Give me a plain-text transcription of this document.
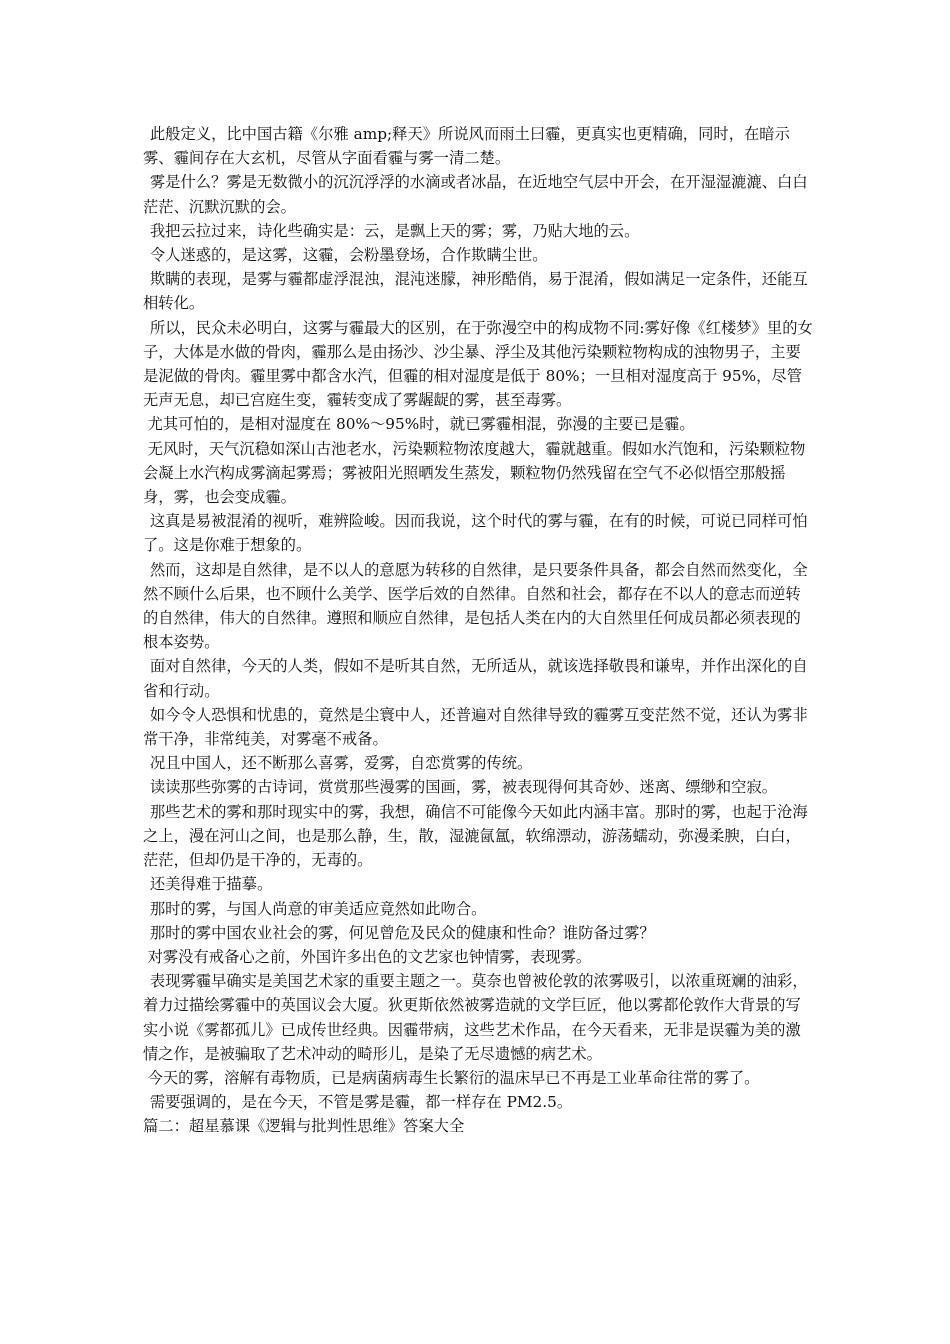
此般定义，比中国古籍《尔雅 amp;释天》所说风而雨土曰霾，更真实也更精确，同时，在暗示雾、霾间存在大玄机，尽管从字面看霾与雾一清二楚。

雾是什么？雾是无数微小的沉沉浮浮的水滴或者冰晶，在近地空气层中开会，在开湿湿漉漉、白白茫茫、沉默沉默的会。

我把云拉过来，诗化些确实是：云，是飘上天的雾；雾，乃贴大地的云。

令人迷惑的，是这雾，这霾，会粉墨登场，合作欺瞒尘世。

欺瞒的表现，是雾与霾都虚浮混浊，混沌迷朦，神形酷俏，易于混淆，假如满足一定条件，还能互相转化。

所以，民众未必明白，这雾与霾最大的区别，在于弥漫空中的构成物不同:雾好像《红楼梦》里的女子，大体是水做的骨肉，霾那么是由扬沙、沙尘暴、浮尘及其他污染颗粒物构成的浊物男子，主要是泥做的骨肉。霾里雾中都含水汽，但霾的相对湿度是低于 80%；一旦相对湿度高于 95%，尽管无声无息，却已宫庭生变，霾转变成了雾龌龊的雾，甚至毒雾。

尤其可怕的，是相对湿度在 80%～95%时，就已雾霾相混，弥漫的主要已是霾。

无风时，天气沉稳如深山古池老水，污染颗粒物浓度越大，霾就越重。假如水汽饱和，污染颗粒物会凝上水汽构成雾滴起雾焉；雾被阳光照晒发生蒸发，颗粒物仍然残留在空气不必似悟空那般摇身，雾，也会变成霾。

这真是易被混淆的视听，难辨险峻。因而我说，这个时代的雾与霾，在有的时候，可说已同样可怕了。这是你难于想象的。

然而，这却是自然律，是不以人的意愿为转移的自然律，是只要条件具备，都会自然而然变化，全然不顾什么后果，也不顾什么美学、医学后效的自然律。自然和社会，都存在不以人的意志而逆转的自然律，伟大的自然律。遵照和顺应自然律，是包括人类在内的大自然里任何成员都必须表现的根本姿势。

面对自然律，今天的人类，假如不是听其自然，无所适从，就该选择敬畏和谦卑，并作出深化的自省和行动。

如今令人恐惧和忧患的，竟然是尘寰中人，还普遍对自然律导致的霾雾互变茫然不觉，还认为雾非常干净，非常纯美，对雾毫不戒备。

况且中国人，还不断那么喜雾，爱雾，自恋赏雾的传统。

读读那些弥雾的古诗词，赏赏那些漫雾的国画，雾，被表现得何其奇妙、迷离、缥缈和空寂。

那些艺术的雾和那时现实中的雾，我想，确信不可能像今天如此内涵丰富。那时的雾，也起于沧海之上，漫在河山之间，也是那么静，生，散，湿漉氤氲，软绵漂动，游荡蠕动，弥漫柔腴，白白，茫茫，但却仍是干净的，无毒的。

还美得难于描摹。

那时的雾，与国人尚意的审美适应竟然如此吻合。

那时的雾中国农业社会的雾，何见曾危及民众的健康和性命？谁防备过雾？

对雾没有戒备心之前，外国许多出色的文艺家也钟情雾，表现雾。

表现雾霾早确实是美国艺术家的重要主题之一。莫奈也曾被伦敦的浓雾吸引，以浓重斑斓的油彩，着力过描绘雾霾中的英国议会大厦。狄更斯依然被雾造就的文学巨匠，他以雾都伦敦作大背景的写实小说《雾都孤儿》已成传世经典。因霾带病，这些艺术作品，在今天看来，无非是误霾为美的激情之作，是被骗取了艺术冲动的畸形儿，是染了无尽遗憾的病艺术。

今天的雾，溶解有毒物质，已是病菌病毒生长繁衍的温床早已不再是工业革命往常的雾了。

需要强调的，是在今天，不管是雾是霾，都一样存在 PM2.5。

篇二：超星慕课《逻辑与批判性思维》答案大全
